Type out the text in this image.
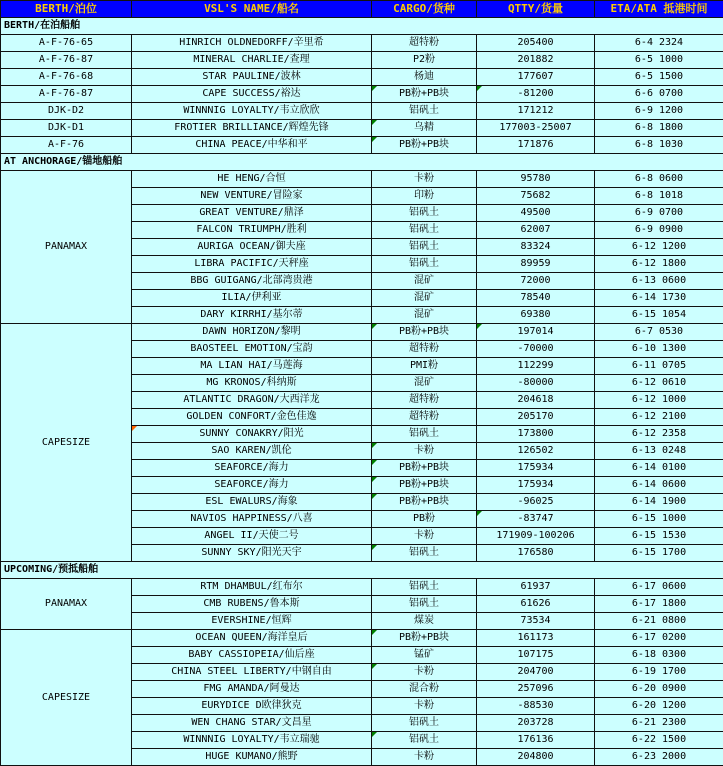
BERTH/泊位	VSL'S NAME/船名	CARGO/货种	QTTY/货量	ETA/ATA 抵港时间
BERTH/在泊船舶				
A-F-76-65	HINRICH OLDNEDORFF/辛里希	超特粉	205400	6-4 2324
A-F-76-87	MINERAL CHARLIE/查理	P2粉	201882	6-5 1000
A-F-76-68	STAR PAULINE/波林	杨迪	177607	6-5 1500
A-F-76-87	CAPE SUCCESS/裕达	PB粉+PB块	-81200	6-6 0700
DJK-D2	WINNNIG LOYALTY/韦立欣欣	铝矾土	171212	6-9 1200
DJK-D1	FROTIER BRILLIANCE/辉煌先锋	乌精	177003-25007	6-8 1800
A-F-76	CHINA PEACE/中华和平	PB粉+PB块	171876	6-8 1030
AT ANCHORAGE/锚地船舶				
PANAMAX	HE HENG/合恒	卡粉	95780	6-8 0600
	NEW VENTURE/冒险家	印粉	75682	6-8 1018
	GREAT VENTURE/鼎泽	铝矾土	49500	6-9 0700
	FALCON TRIUMPH/胜利	铝矾土	62007	6-9 0900
	AURIGA OCEAN/御夫座	铝矾土	83324	6-12 1200
	LIBRA PACIFIC/天秤座	铝矾土	89959	6-12 1800
	BBG GUIGANG/北部湾贵港	混矿	72000	6-13 0600
	ILIA/伊利亚	混矿	78540	6-14 1730
	DARY KIRRHI/基尔蒂	混矿	69380	6-15 1054
CAPESIZE	DAWN HORIZON/黎明	PB粉+PB块	197014	6-7 0530
	BAOSTEEL EMOTION/宝韵	超特粉	-70000	6-10 1300
	MA LIAN HAI/马莲海	PMI粉	112299	6-11 0705
	MG KRONOS/科纳斯	混矿	-80000	6-12 0610
	ATLANTIC DRAGON/大西洋龙	超特粉	204618	6-12 1000
	GOLDEN CONFORT/金色佳逸	超特粉	205170	6-12 2100
	SUNNY CONAKRY/阳光	铝矾土	173800	6-12 2358
	SAO KAREN/凯伦	卡粉	126502	6-13 0248
	SEAFORCE/海力	PB粉+PB块	175934	6-14 0100
	SEAFORCE/海力	PB粉+PB块	175934	6-14 0600
	ESL EWALURS/海象	PB粉+PB块	-96025	6-14 1900
	NAVIOS HAPPINESS/八喜	PB粉	-83747	6-15 1000
	ANGEL II/天使二号	卡粉	171909-100206	6-15 1530
	SUNNY SKY/阳光天宇	铝矾土	176580	6-15 1700
UPCOMING/预抵船舶				
PANAMAX	RTM DHAMBUL/红布尔	铝矾土	61937	6-17 0600
	CMB RUBENS/鲁本斯	铝矾土	61626	6-17 1800
	EVERSHINE/恒辉	煤炭	73534	6-21 0800
CAPESIZE	OCEAN QUEEN/海洋皇后	PB粉+PB块	161173	6-17 0200
	BABY CASSIOPEIA/仙后座	锰矿	107175	6-18 0300
	CHINA STEEL LIBERTY/中钢自由	卡粉	204700	6-19 1700
	FMG AMANDA/阿曼达	混合粉	257096	6-20 0900
	EURYDICE D欧律狄克	卡粉	-88530	6-20 1200
	WEN CHANG STAR/文昌星	铝矾土	203728	6-21 2300
	WINNNIG LOYALTY/韦立瑞驰	铝矾土	176136	6-22 1500
	HUGE KUMANO/熊野	卡粉	204800	6-23 2000
